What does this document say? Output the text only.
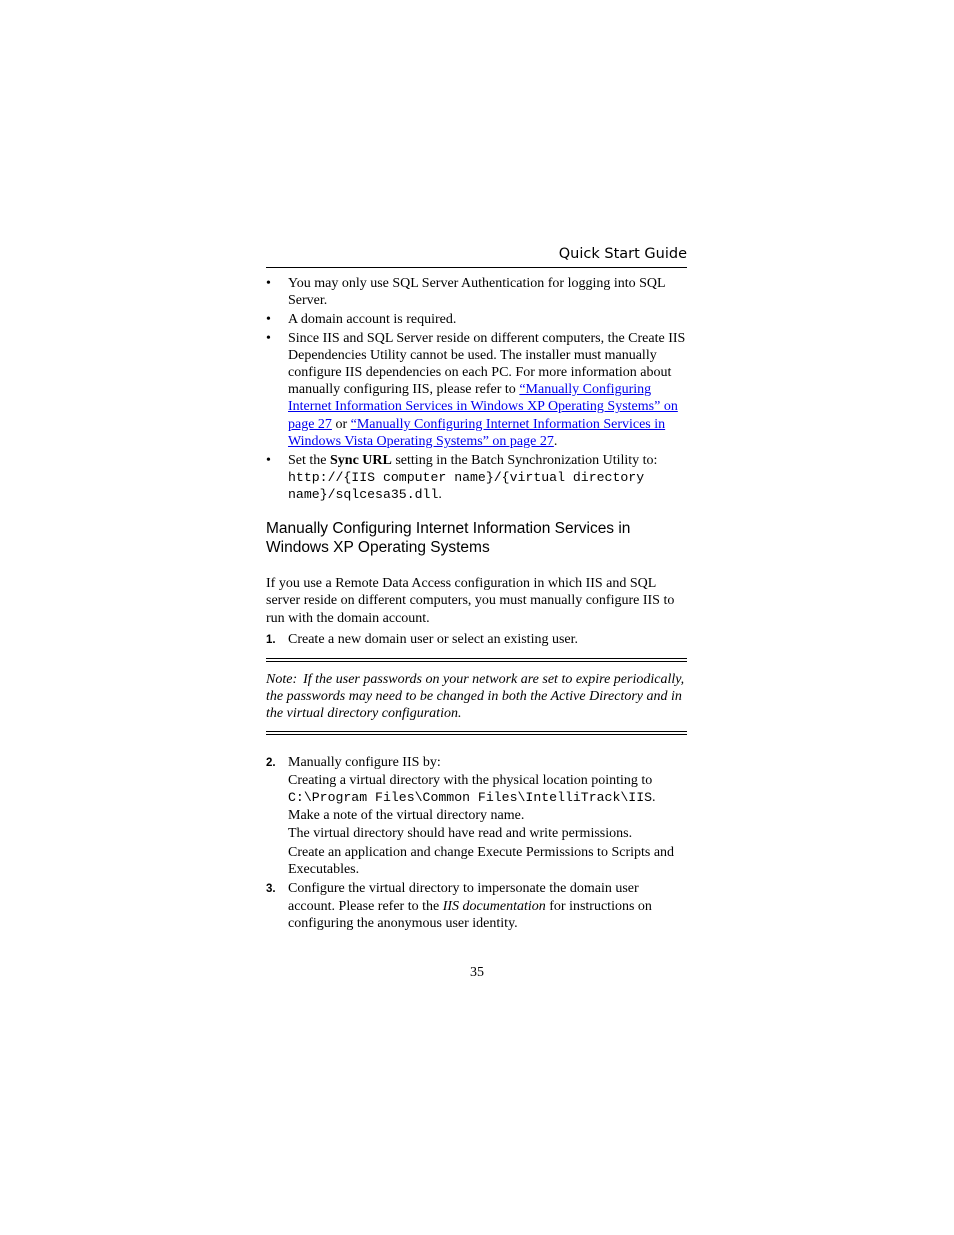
Quick Start Guide
• You may only use SQL Server Authentication for logging into SQL Server.
• A domain account is required.
• Since IIS and SQL Server reside on different computers, the Create IIS Dependencies Utility cannot be used. The installer must manually configure IIS dependencies on each PC. For more information about manually configuring IIS, please refer to “Manually Configuring Internet Information Services in Windows XP Operating Systems” on page 27 or “Manually Configuring Internet Information Services in Windows Vista Operating Systems” on page 27.
• Set the Sync URL setting in the Batch Synchronization Utility to: http://{IIS computer name}/{virtual directory name}/sqlcesa35.dll.
Manually Configuring Internet Information Services in Windows XP Operating Systems

If you use a Remote Data Access configuration in which IIS and SQL server reside on different computers, you must manually configure IIS to run with the domain account.

1. Create a new domain user or select an existing user.
Note: If the user passwords on your network are set to expire periodically, the passwords may need to be changed in both the Active Directory and in the virtual directory configuration.
2. Manually configure IIS by:
Creating a virtual directory with the physical location pointing to C:\Program Files\Common Files\IntelliTrack\IIS.
Make a note of the virtual directory name.
The virtual directory should have read and write permissions.
Create an application and change Execute Permissions to Scripts and Executables.
3. Configure the virtual directory to impersonate the domain user account. Please refer to the IIS documentation for instructions on configuring the anonymous user identity.
35
